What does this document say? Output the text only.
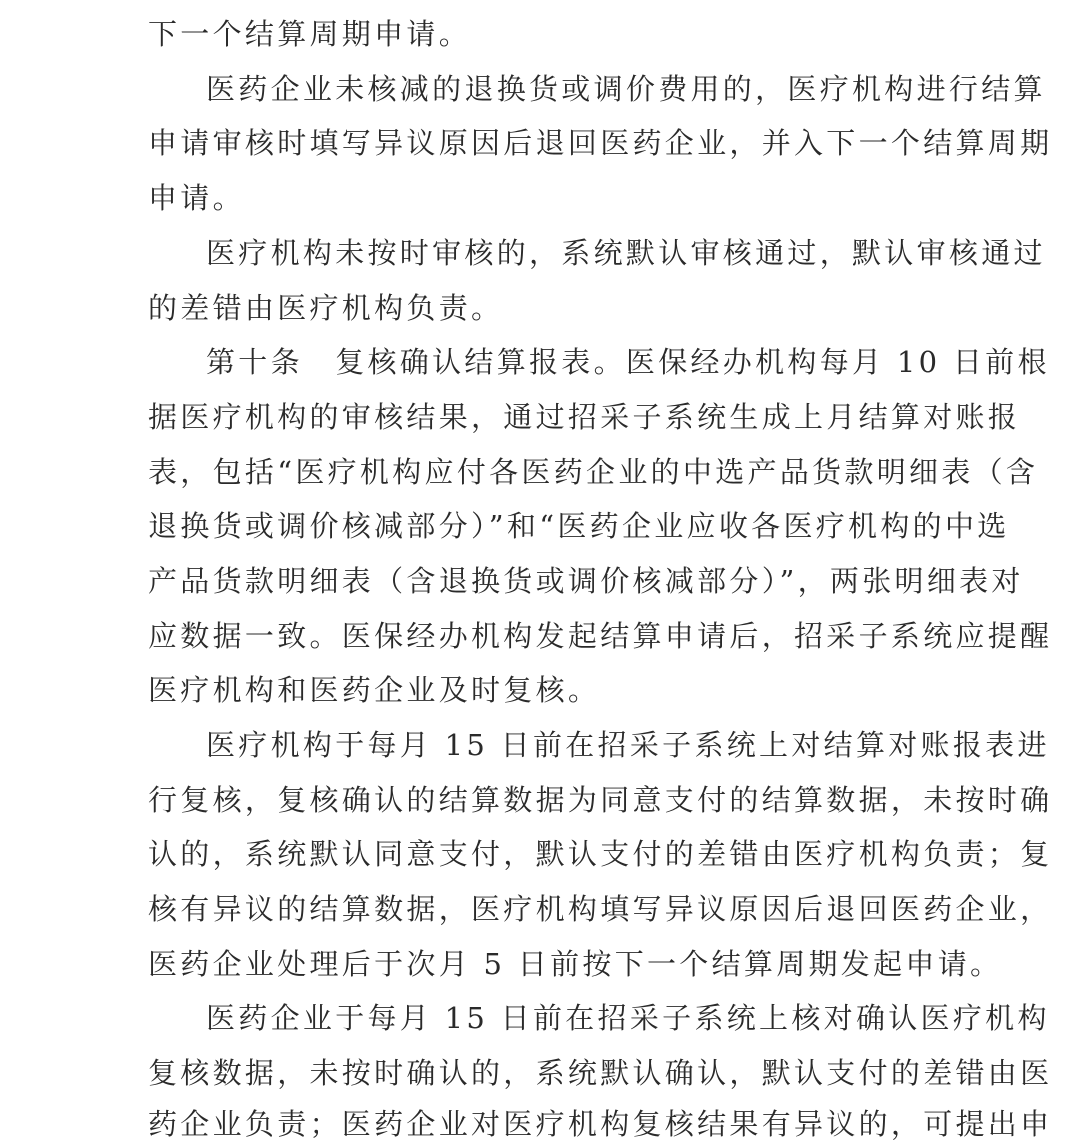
下一个结算周期申请。
医药企业未核减的退换货或调价费用的，医疗机构进行结算
申请审核时填写异议原因后退回医药企业，并入下一个结算周期
申请。
医疗机构未按时审核的，系统默认审核通过，默认审核通过
的差错由医疗机构负责。
第十条　复核确认结算报表。医保经办机构每月 10 日前根
据医疗机构的审核结果，通过招采子系统生成上月结算对账报
表，包括“医疗机构应付各医药企业的中选产品货款明细表（含
退换货或调价核减部分）”和“医药企业应收各医疗机构的中选
产品货款明细表（含退换货或调价核减部分）”，两张明细表对
应数据一致。医保经办机构发起结算申请后，招采子系统应提醒
医疗机构和医药企业及时复核。
医疗机构于每月 15 日前在招采子系统上对结算对账报表进
行复核，复核确认的结算数据为同意支付的结算数据，未按时确
认的，系统默认同意支付，默认支付的差错由医疗机构负责；复
核有异议的结算数据，医疗机构填写异议原因后退回医药企业，
医药企业处理后于次月 5 日前按下一个结算周期发起申请。
医药企业于每月 15 日前在招采子系统上核对确认医疗机构
复核数据，未按时确认的，系统默认确认，默认支付的差错由医
药企业负责；医药企业对医疗机构复核结果有异议的，可提出申
